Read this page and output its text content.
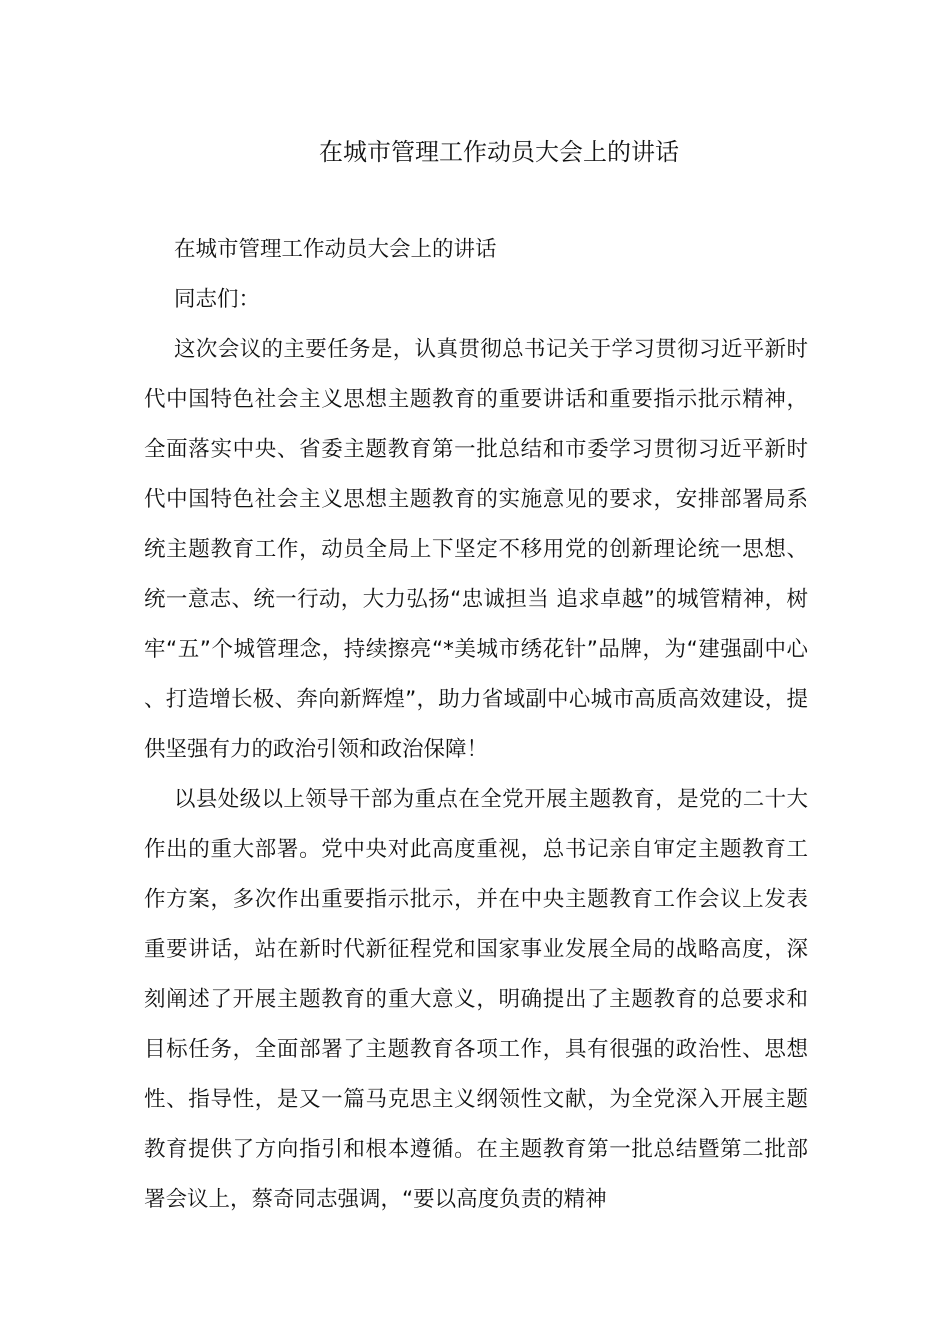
在城市管理工作动员大会上的讲话

在城市管理工作动员大会上的讲话

同志们：

这次会议的主要任务是，认真贯彻总书记关于学习贯彻习近平新时代中国特色社会主义思想主题教育的重要讲话和重要指示批示精神，全面落实中央、省委主题教育第一批总结和市委学习贯彻习近平新时代中国特色社会主义思想主题教育的实施意见的要求，安排部署局系统主题教育工作，动员全局上下坚定不移用党的创新理论统一思想、统一意志、统一行动，大力弘扬“忠诚担当 追求卓越”的城管精神，树牢“五”个城管理念，持续擦亮“*美城市绣花针”品牌，为“建强副中心、打造增长极、奔向新辉煌”，助力省域副中心城市高质高效建设，提供坚强有力的政治引领和政治保障！

以县处级以上领导干部为重点在全党开展主题教育，是党的二十大作出的重大部署。党中央对此高度重视，总书记亲自审定主题教育工作方案，多次作出重要指示批示，并在中央主题教育工作会议上发表重要讲话，站在新时代新征程党和国家事业发展全局的战略高度，深刻阐述了开展主题教育的重大意义，明确提出了主题教育的总要求和目标任务，全面部署了主题教育各项工作，具有很强的政治性、思想性、指导性，是又一篇马克思主义纲领性文献，为全党深入开展主题教育提供了方向指引和根本遵循。在主题教育第一批总结暨第二批部署会议上，蔡奇同志强调，“要以高度负责的精神
